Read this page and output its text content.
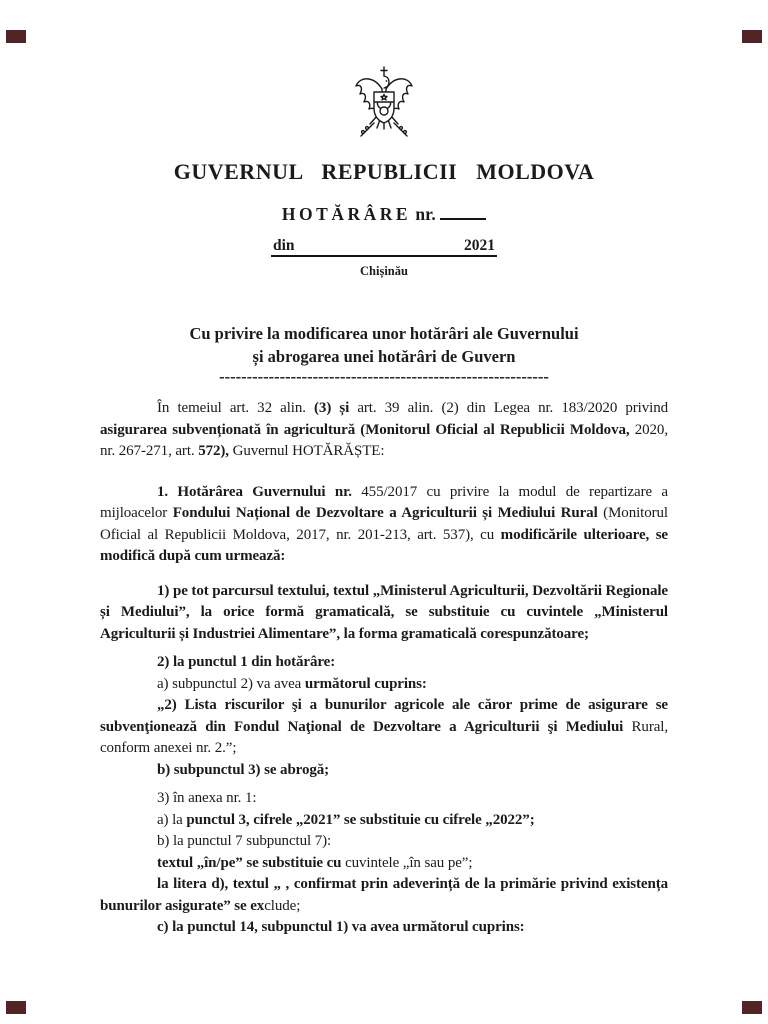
GUVERNUL REPUBLICII MOLDOVA
HOTĂRÂRE nr.
din	2021
Chișinău
Cu privire la modificarea unor hotărâri ale Guvernului
și abrogarea unei hotărâri de Guvern
------------------------------------------------------------

În temeiul art. 32 alin. (3) și art. 39 alin. (2) din Legea nr. 183/2020 privind asigurarea subvenționată în agricultură (Monitorul Oficial al Republicii Moldova, 2020, nr. 267-271, art. 572), Guvernul HOTĂRĂȘTE:

1. Hotărârea Guvernului nr. 455/2017 cu privire la modul de repartizare a mijloacelor Fondului Național de Dezvoltare a Agriculturii și Mediului Rural (Monitorul Oficial al Republicii Moldova, 2017, nr. 201-213, art. 537), cu modificările ulterioare, se modifică după cum urmează:

1) pe tot parcursul textului, textul „Ministerul Agriculturii, Dezvoltării Regionale și Mediului”, la orice formă gramaticală, se substituie cu cuvintele „Ministerul Agriculturii și Industriei Alimentare”, la forma gramaticală corespunzătoare;

2) la punctul 1 din hotărâre:

a) subpunctul 2) va avea următorul cuprins:

„2) Lista riscurilor şi a bunurilor agricole ale căror prime de asigurare se subvenţionează din Fondul Naţional de Dezvoltare a Agriculturii şi Mediului Rural, conform anexei nr. 2.”;

b) subpunctul 3) se abrogă;

3) în anexa nr. 1:

a) la punctul 3, cifrele „2021” se substituie cu cifrele „2022”;

b) la punctul 7 subpunctul 7):

textul „în/pe” se substituie cu cuvintele „în sau pe”;

la litera d), textul „ , confirmat prin adeverință de la primărie privind existența bunurilor asigurate” se exclude;

c) la punctul 14, subpunctul 1) va avea următorul cuprins:
